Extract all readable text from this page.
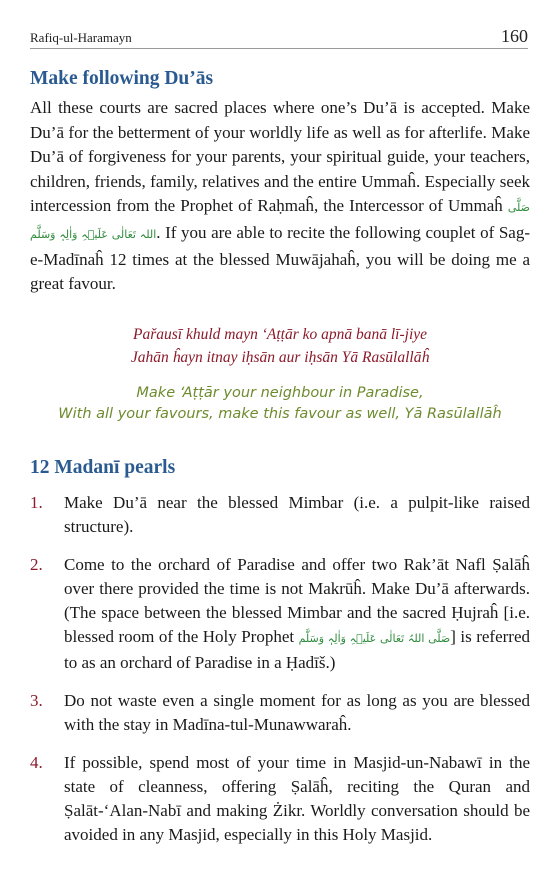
Rafiq-ul-Haramayn	160
Make following Du’ās

All these courts are sacred places where one’s Du’ā is accepted. Make Du’ā for the betterment of your worldly life as well as for afterlife. Make Du’ā of forgiveness for your parents, your spiritual guide, your teachers, children, friends, family, relatives and the entire Ummaĥ. Especially seek intercession from the Prophet of Raḥmaĥ, the Intercessor of Ummaĥ صَلَّى اللہ تَعَالٰی عَلَیۡہِ وَاٰلِہٖ وَسَلَّم. If you are able to recite the following couplet of Sag-e-Madīnaĥ 12 times at the blessed Muwājahaĥ, you will be doing me a great favour.

Pařausī khuld mayn ‘Aṭṭār ko apnā banā lī-jiye
Jahān ĥayn itnay iḥsān aur iḥsān Yā Rasūlallāĥ
Make ‘Aṭṭār your neighbour in Paradise,
With all your favours, make this favour as well, Yā Rasūlallāĥ
12 Madanī pearls
1. Make Du’ā near the blessed Mimbar (i.e. a pulpit-like raised structure).
2. Come to the orchard of Paradise and offer two Rak’āt Nafl Ṣalāĥ over there provided the time is not Makrūĥ. Make Du’ā afterwards. (The space between the blessed Mimbar and the sacred Ḥujraĥ [i.e. blessed room of the Holy Prophet صَلَّى اللہُ تَعَالٰی عَلَیۡہِ وَاٰلِہٖ وَسَلَّم] is referred to as an orchard of Paradise in a Ḥadīš.)
3. Do not waste even a single moment for as long as you are blessed with the stay in Madīna-tul-Munawwaraĥ.
4. If possible, spend most of your time in Masjid-un-Nabawī in the state of cleanness, offering Ṣalāĥ, reciting the Quran and Ṣalāt-‘Alan-Nabī and making Żikr. Worldly conversation should be avoided in any Masjid, especially in this Holy Masjid.
